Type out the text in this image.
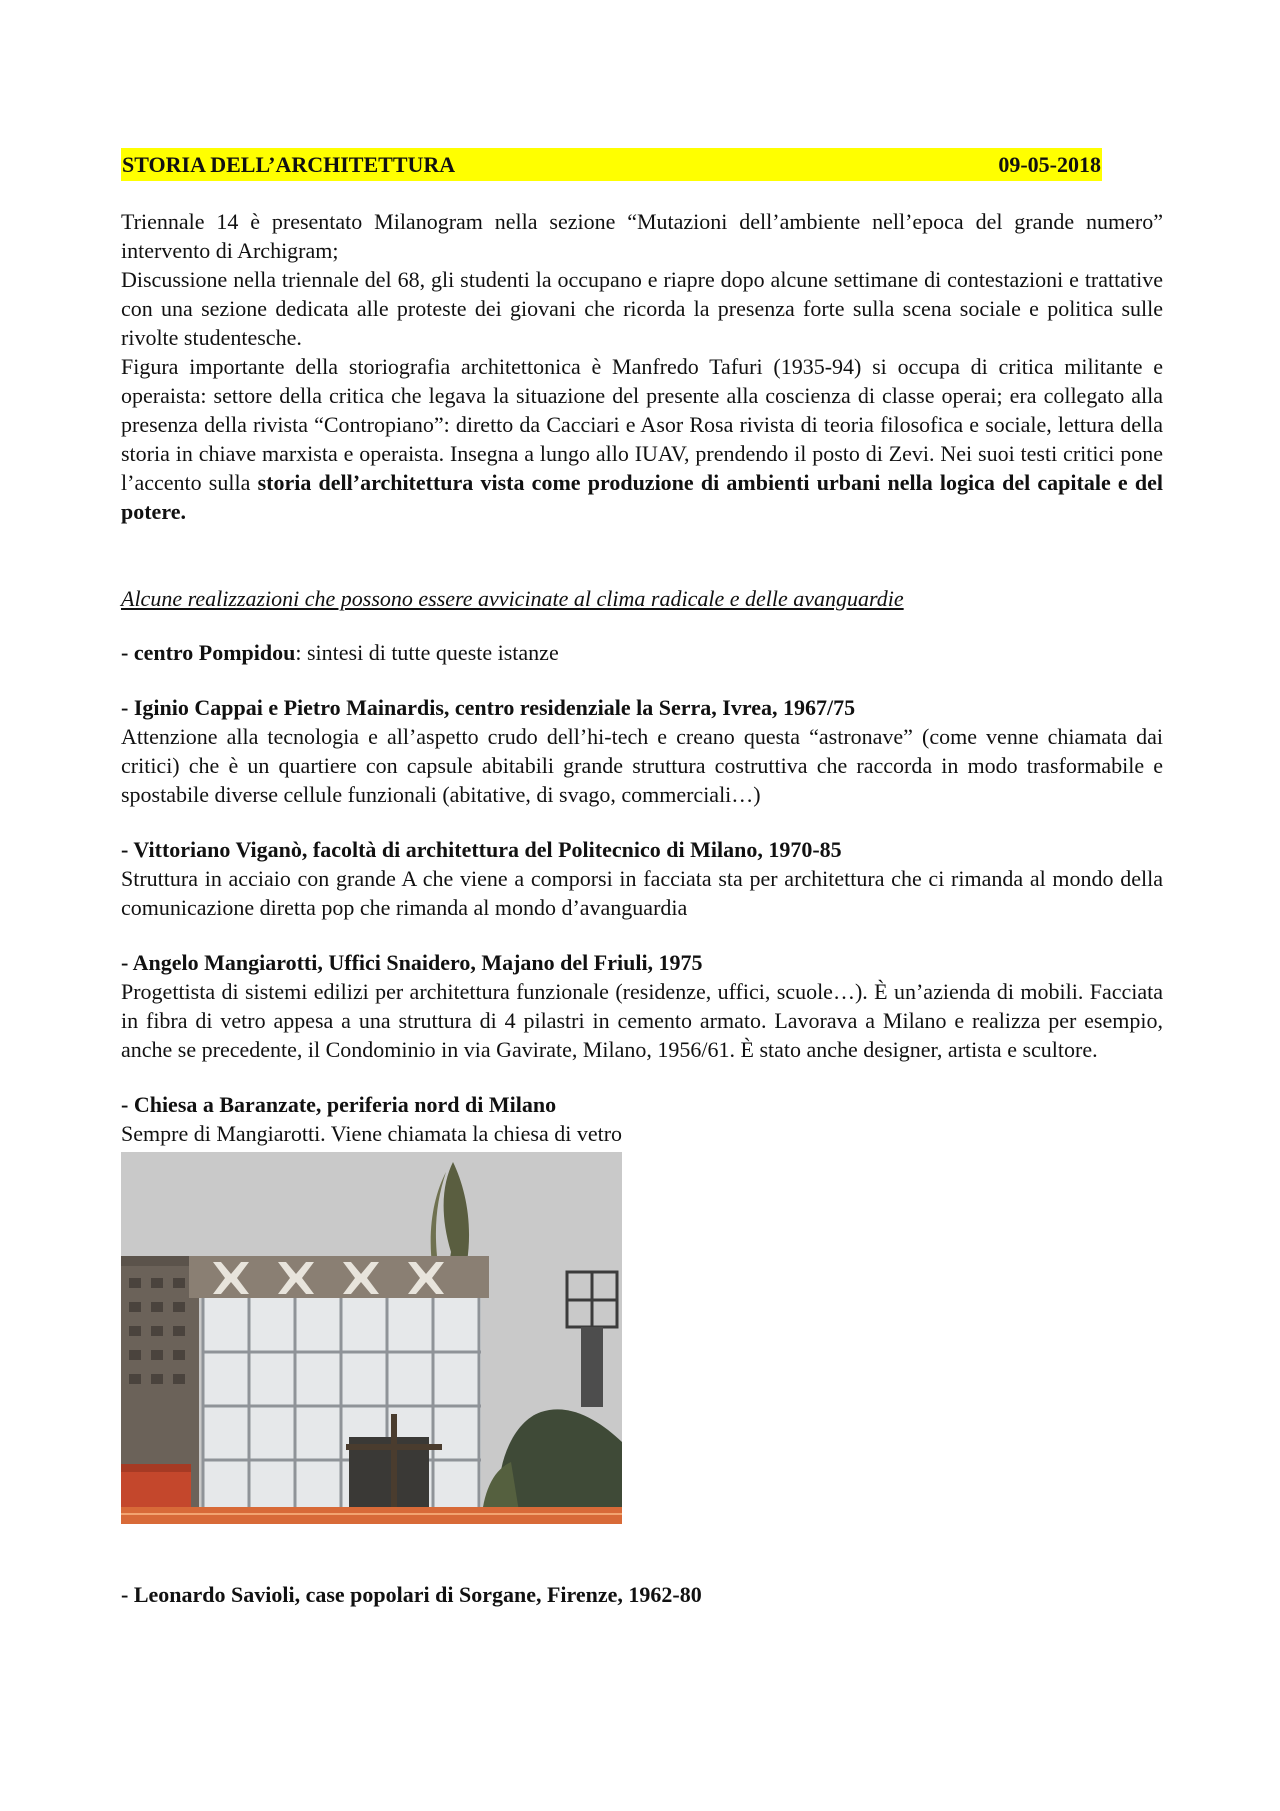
STORIA DELL’ARCHITETTURA	09-05-2018

Triennale 14 è presentato Milanogram nella sezione “Mutazioni dell’ambiente nell’epoca del grande numero” intervento di Archigram;

Discussione nella triennale del 68, gli studenti la occupano e riapre dopo alcune settimane di contestazioni e trattative con una sezione dedicata alle proteste dei giovani che ricorda la presenza forte sulla scena sociale e politica sulle rivolte studentesche.

Figura importante della storiografia architettonica è Manfredo Tafuri (1935-94) si occupa di critica militante e operaista: settore della critica che legava la situazione del presente alla coscienza di classe operai; era collegato alla presenza della rivista “Contropiano”: diretto da Cacciari e Asor Rosa rivista di teoria filosofica e sociale, lettura della storia in chiave marxista e operaista. Insegna a lungo allo IUAV, prendendo il posto di Zevi. Nei suoi testi critici pone l’accento sulla storia dell’architettura vista come produzione di ambienti urbani nella logica del capitale e del potere.

Alcune realizzazioni che possono essere avvicinate al clima radicale e delle avanguardie

- centro Pompidou: sintesi di tutte queste istanze

- Iginio Cappai e Pietro Mainardis, centro residenziale la Serra, Ivrea, 1967/75

Attenzione alla tecnologia e all’aspetto crudo dell’hi-tech e creano questa “astronave” (come venne chiamata dai critici) che è un quartiere con capsule abitabili grande struttura costruttiva che raccorda in modo trasformabile e spostabile diverse cellule funzionali (abitative, di svago, commerciali…)

- Vittoriano Viganò, facoltà di architettura del Politecnico di Milano, 1970-85

Struttura in acciaio con grande A che viene a comporsi in facciata sta per architettura che ci rimanda al mondo della comunicazione diretta pop che rimanda al mondo d’avanguardia

- Angelo Mangiarotti, Uffici Snaidero, Majano del Friuli, 1975

Progettista di sistemi edilizi per architettura funzionale (residenze, uffici, scuole…). È un’azienda di mobili. Facciata in fibra di vetro appesa a una struttura di 4 pilastri in cemento armato. Lavorava a Milano e realizza per esempio, anche se precedente, il Condominio in via Gavirate, Milano, 1956/61. È stato anche designer, artista e scultore.

- Chiesa a Baranzate, periferia nord di Milano

Sempre di Mangiarotti. Viene chiamata la chiesa di vetro

- Leonardo Savioli, case popolari di Sorgane, Firenze, 1962-80
